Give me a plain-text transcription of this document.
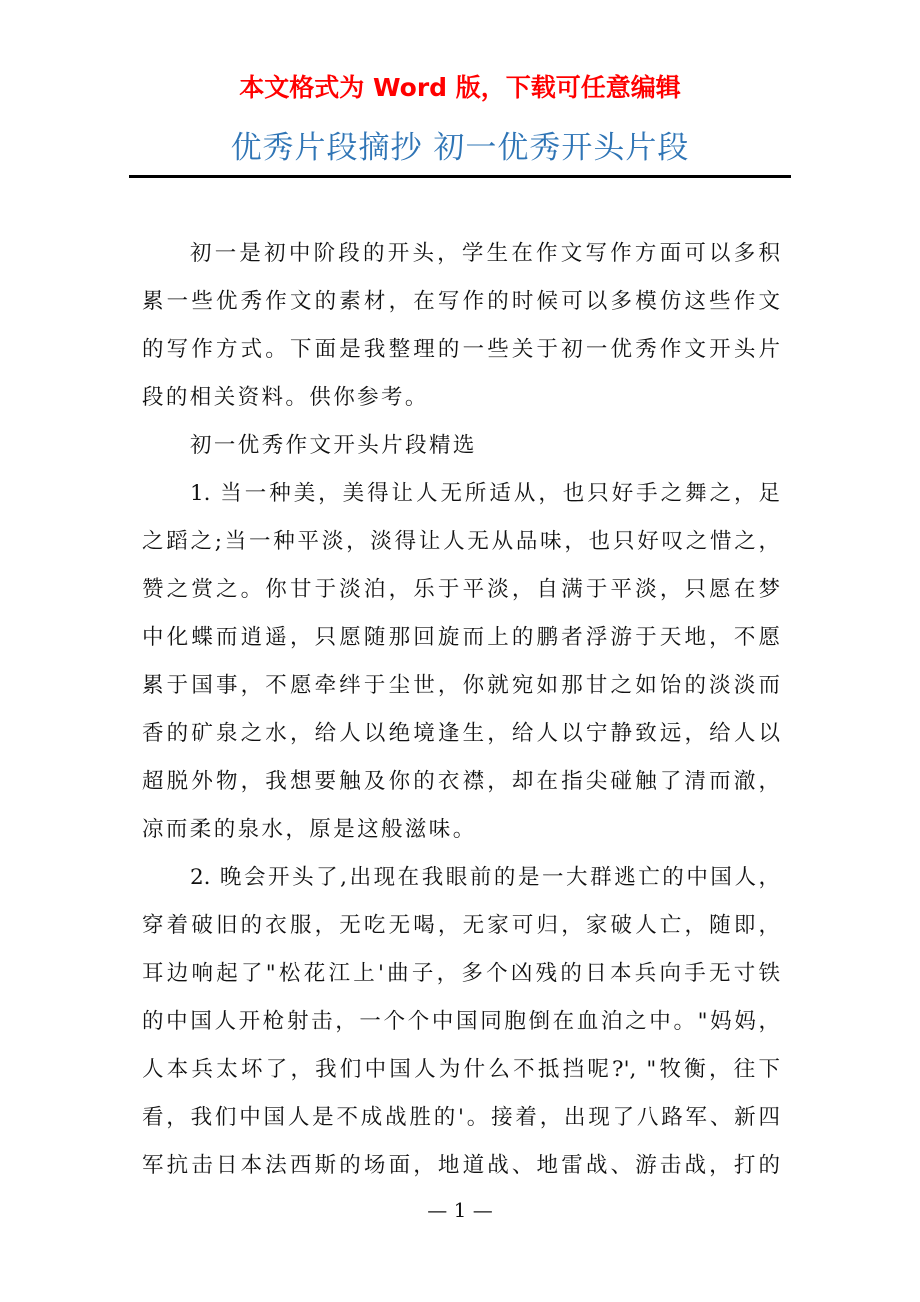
本文格式为 Word 版，下载可任意编辑
优秀片段摘抄 初一优秀开头片段
初一是初中阶段的开头，学生在作文写作方面可以多积
累一些优秀作文的素材，在写作的时候可以多模仿这些作文
的写作方式。下面是我整理的一些关于初一优秀作文开头片
段的相关资料。供你参考。
初一优秀作文开头片段精选
1. 当一种美，美得让人无所适从，也只好手之舞之，足
之蹈之;当一种平淡，淡得让人无从品味，也只好叹之惜之，
赞之赏之。你甘于淡泊，乐于平淡，自满于平淡，只愿在梦
中化蝶而逍遥，只愿随那回旋而上的鹏者浮游于天地，不愿
累于国事，不愿牵绊于尘世，你就宛如那甘之如饴的淡淡而
香的矿泉之水，给人以绝境逢生，给人以宁静致远，给人以
超脱外物，我想要触及你的衣襟，却在指尖碰触了清而澈，
凉而柔的泉水，原是这般滋味。
2. 晚会开头了,出现在我眼前的是一大群逃亡的中国人，
穿着破旧的衣服，无吃无喝，无家可归，家破人亡，随即，
耳边响起了"松花江上'曲子，多个凶残的日本兵向手无寸铁
的中国人开枪射击，一个个中国同胞倒在血泊之中。"妈妈，
人本兵太坏了，我们中国人为什么不抵挡呢?', "牧衡，往下
看，我们中国人是不成战胜的'。接着，出现了八路军、新四
军抗击日本法西斯的场面，地道战、地雷战、游击战，打的
— 1 —
